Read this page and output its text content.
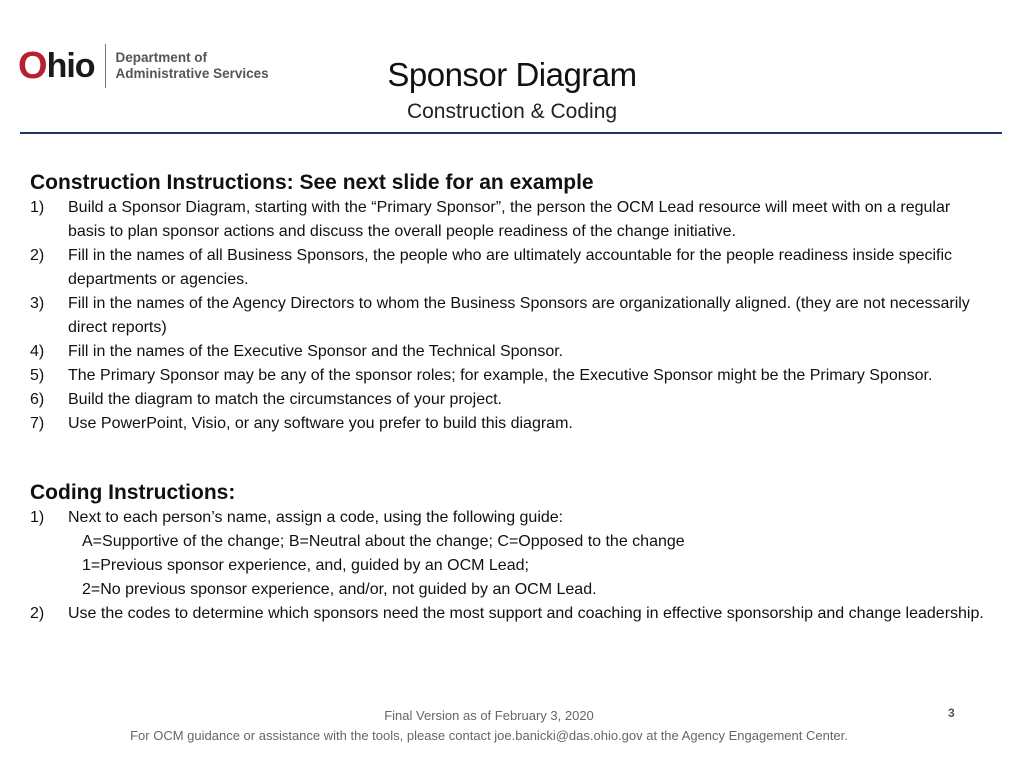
O hio Department of
Administrative Services	Sponsor Diagram
Construction & Coding
Construction Instructions: See next slide for an example
1)	Build a Sponsor Diagram, starting with the “Primary Sponsor”, the person the OCM Lead resource will meet with on a regular basis to plan sponsor actions and discuss the overall people readiness of the change initiative.
2)	Fill in the names of all Business Sponsors, the people who are ultimately accountable for the people readiness inside specific departments or agencies.
3)	Fill in the names of the Agency Directors to whom the Business Sponsors are organizationally aligned. (they are not necessarily direct reports)
4)	Fill in the names of the Executive Sponsor and the Technical Sponsor.
5)	The Primary Sponsor may be any of the sponsor roles; for example, the Executive Sponsor might be the Primary Sponsor.
6)	Build the diagram to match the circumstances of your project.
7)	Use PowerPoint, Visio, or any software you prefer to build this diagram.
Coding Instructions:
1)	Next to each person’s name, assign a code, using the following guide:
A=Supportive of the change; B=Neutral about the change; C=Opposed to the change
1=Previous sponsor experience, and, guided by an OCM Lead;
2=No previous sponsor experience, and/or, not guided by an OCM Lead.
2)	Use the codes to determine which sponsors need the most support and coaching in effective sponsorship and change leadership.
Final Version as of February 3, 2020	3
For OCM guidance or assistance with the tools, please contact joe.banicki@das.ohio.gov at the Agency Engagement Center.
